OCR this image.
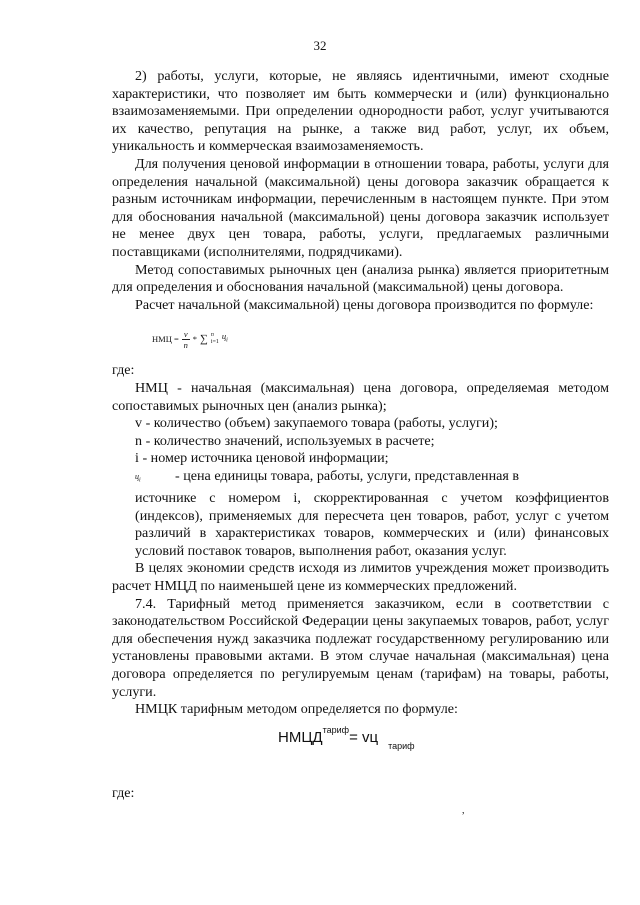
32

2) работы, услуги, которые, не являясь идентичными, имеют сходные характеристики, что позволяет им быть коммерчески и (или) функционально взаимозаменяемыми. При определении однородности работ, услуг учитываются их качество, репутация на рынке, а также вид работ, услуг, их объем, уникальность и коммерческая взаимозаменяемость.

Для получения ценовой информации в отношении товара, работы, услуги для определения начальной (максимальной) цены договора заказчик обращается к разным источникам информации, перечисленным в настоящем пункте. При этом для обоснования начальной (максимальной) цены договора заказчик использует не менее двух цен товара, работы, услуги, предлагаемых различными поставщиками (исполнителями, подрядчиками).

Метод сопоставимых рыночных цен (анализа рынка) является приоритетным для определения и обоснования начальной (максимальной) цены договора.

Расчет начальной (максимальной) цены договора производится по формуле:

НМЦ = $\frac{v}{n}$ * ∑ n
i=1
$ц_i$

где:

НМЦ - начальная (максимальная) цена договора, определяемая методом сопоставимых рыночных цен (анализ рынка);

v - количество (объем) закупаемого товара (работы, услуги);

n - количество значений, используемых в расчете;

i - номер источника ценовой информации;

$ц_i$	- цена единицы товара, работы, услуги, представленная в

источнике с номером i, скорректированная с учетом коэффициентов (индексов), применяемых для пересчета цен товаров, работ, услуг с учетом различий в характеристиках товаров, коммерческих и (или) финансовых условий поставок товаров, выполнения работ, оказания услуг.

В целях экономии средств исходя из лимитов учреждения может производить расчет НМЦД по наименьшей цене из коммерческих предложений.

7.4. Тарифный метод применяется заказчиком, если в соответствии с законодательством Российской Федерации цены закупаемых товаров, работ, услуг для обеспечения нужд заказчика подлежат государственному регулированию или установлены правовыми актами. В этом случае начальная (максимальная) цена договора определяется по регулируемым ценам (тарифам) на товары, работы, услуги.

НМЦК тарифным методом определяется по формуле:

$НМЦД^{тариф}=$ vц $_{тариф}$

где:

,
